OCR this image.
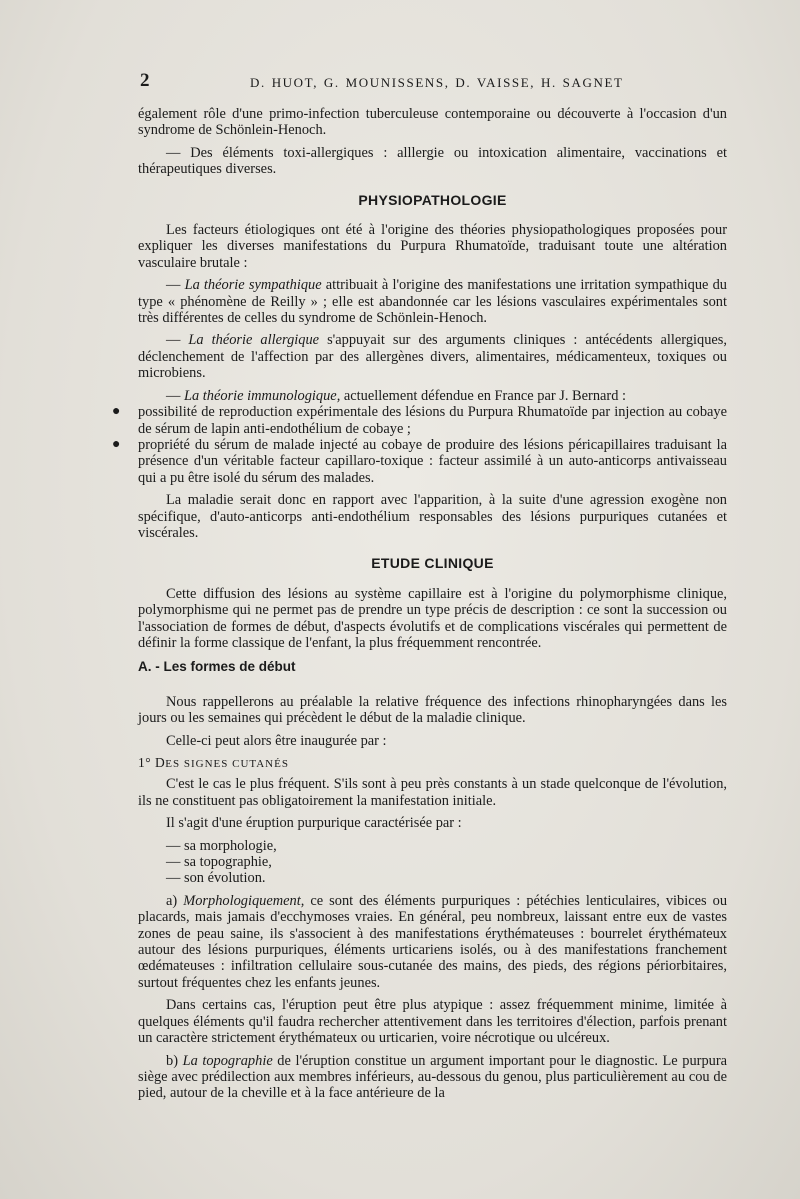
2	D. HUOT, G. MOUNISSENS, D. VAISSE, H. SAGNET

également rôle d'une primo-infection tuberculeuse contemporaine ou découverte à l'occasion d'un syndrome de Schönlein-Henoch.

— Des éléments toxi-allergiques : alllergie ou intoxication alimentaire, vaccinations et thérapeutiques diverses.

PHYSIOPATHOLOGIE

Les facteurs étiologiques ont été à l'origine des théories physiopathologiques proposées pour expliquer les diverses manifestations du Purpura Rhumatoïde, traduisant toute une altération vasculaire brutale :

— La théorie sympathique attribuait à l'origine des manifestations une irritation sympathique du type « phénomène de Reilly » ; elle est abandonnée car les lésions vasculaires expérimentales sont très différentes de celles du syndrome de Schönlein-Henoch.

— La théorie allergique s'appuyait sur des arguments cliniques : antécédents allergiques, déclenchement de l'affection par des allergènes divers, alimentaires, médicamenteux, toxiques ou microbiens.

— La théorie immunologique, actuellement défendue en France par J. Bernard :

● possibilité de reproduction expérimentale des lésions du Purpura Rhumatoïde par injection au cobaye de sérum de lapin anti-endothélium de cobaye ;
● propriété du sérum de malade injecté au cobaye de produire des lésions péricapillaires traduisant la présence d'un véritable facteur capillaro-toxique : facteur assimilé à un auto-anticorps antivaisseau qui a pu être isolé du sérum des malades.

La maladie serait donc en rapport avec l'apparition, à la suite d'une agression exogène non spécifique, d'auto-anticorps anti-endothélium responsables des lésions purpuriques cutanées et viscérales.

ETUDE CLINIQUE

Cette diffusion des lésions au système capillaire est à l'origine du polymorphisme clinique, polymorphisme qui ne permet pas de prendre un type précis de description : ce sont la succession ou l'association de formes de début, d'aspects évolutifs et de complications viscérales qui permettent de définir la forme classique de l'enfant, la plus fréquemment rencontrée.

A. - Les formes de début

Nous rappellerons au préalable la relative fréquence des infections rhinopharyngées dans les jours ou les semaines qui précèdent le début de la maladie clinique.

Celle-ci peut alors être inaugurée par :

1° DES SIGNES CUTANÉS

C'est le cas le plus fréquent. S'ils sont à peu près constants à un stade quelconque de l'évolution, ils ne constituent pas obligatoirement la manifestation initiale.

Il s'agit d'une éruption purpurique caractérisée par :

— sa morphologie,
— sa topographie,
— son évolution.

a) Morphologiquement, ce sont des éléments purpuriques : pétéchies lenticulaires, vibices ou placards, mais jamais d'ecchymoses vraies. En général, peu nombreux, laissant entre eux de vastes zones de peau saine, ils s'associent à des manifestations érythémateuses : bourrelet érythémateux autour des lésions purpuriques, éléments urticariens isolés, ou à des manifestations franchement œdémateuses : infiltration cellulaire sous-cutanée des mains, des pieds, des régions périorbitaires, surtout fréquentes chez les enfants jeunes.

Dans certains cas, l'éruption peut être plus atypique : assez fréquemment minime, limitée à quelques éléments qu'il faudra rechercher attentivement dans les territoires d'élection, parfois prenant un caractère strictement érythémateux ou urticarien, voire nécrotique ou ulcéreux.

b) La topographie de l'éruption constitue un argument important pour le diagnostic. Le purpura siège avec prédilection aux membres inférieurs, au-dessous du genou, plus particulièrement au cou de pied, autour de la cheville et à la face antérieure de la
